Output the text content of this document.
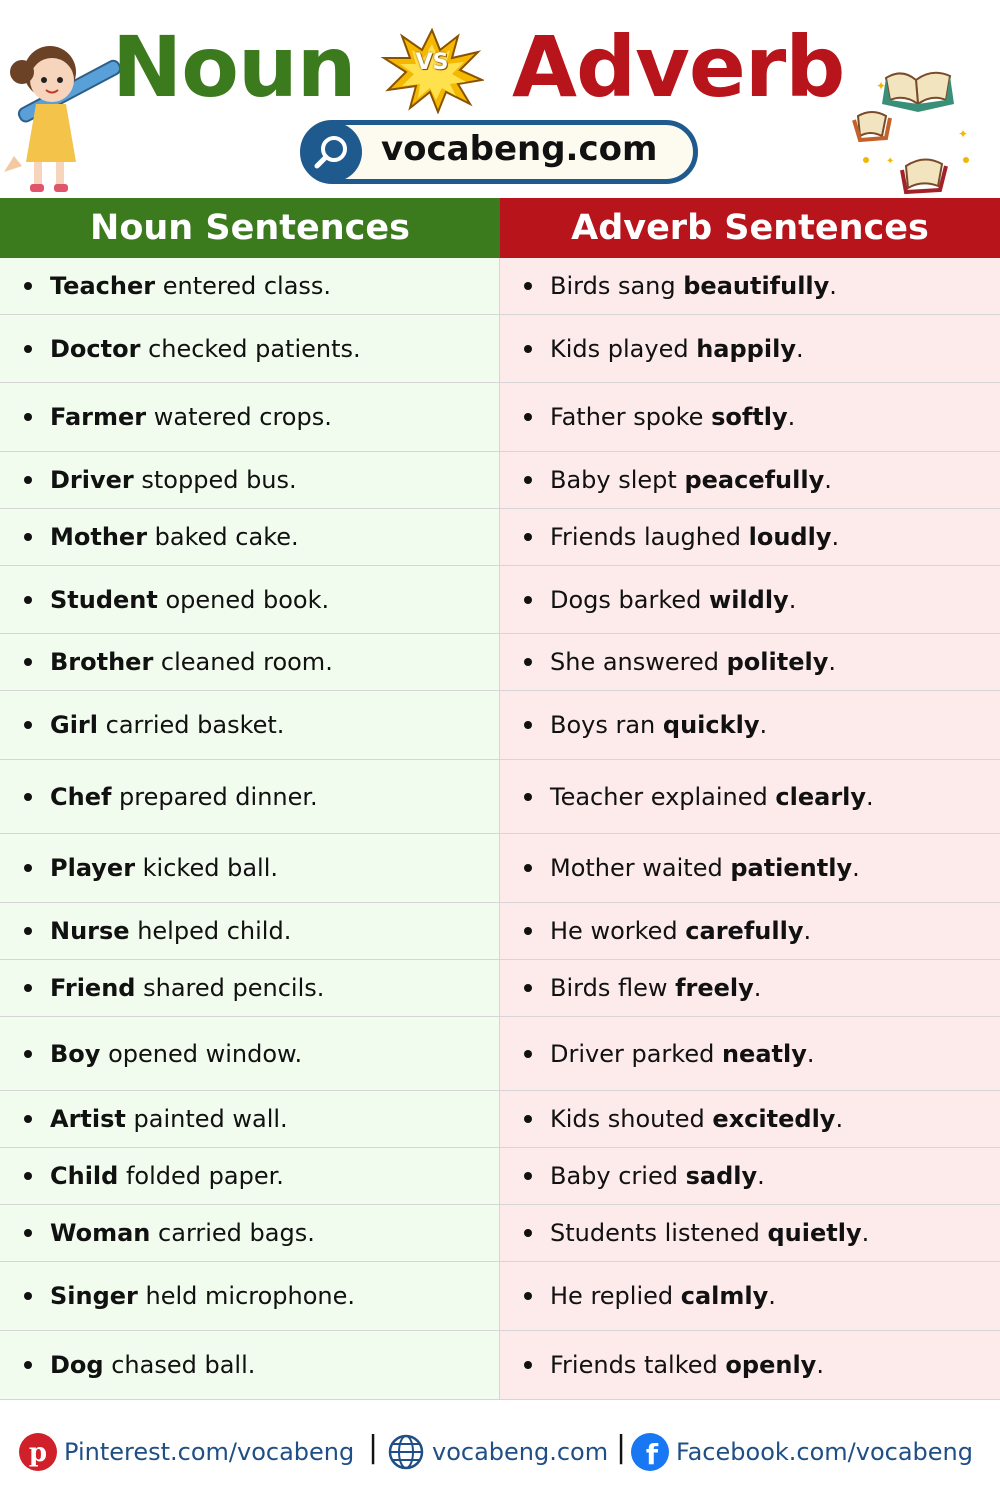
Noun	VS Adverb
vocabeng.com
✦
✦
✦
Noun Sentences	Adverb Sentences
Teacher entered class.	Birds sang beautifully.
Doctor checked patients.	Kids played happily.
Farmer watered crops.	Father spoke softly.
Driver stopped bus.	Baby slept peacefully.
Mother baked cake.	Friends laughed loudly.
Student opened book.	Dogs barked wildly.
Brother cleaned room.	She answered politely.
Girl carried basket.	Boys ran quickly.
Chef prepared dinner.	Teacher explained clearly.
Player kicked ball.	Mother waited patiently.
Nurse helped child.	He worked carefully.
Friend shared pencils.	Birds flew freely.
Boy opened window.	Driver parked neatly.
Artist painted wall.	Kids shouted excitedly.
Child folded paper.	Baby cried sadly.
Woman carried bags.	Students listened quietly.
Singer held microphone.	He replied calmly.
Dog chased ball.	Friends talked openly.
p Pinterest.com/vocabeng | vocabeng.com | f Facebook.com/vocabeng
